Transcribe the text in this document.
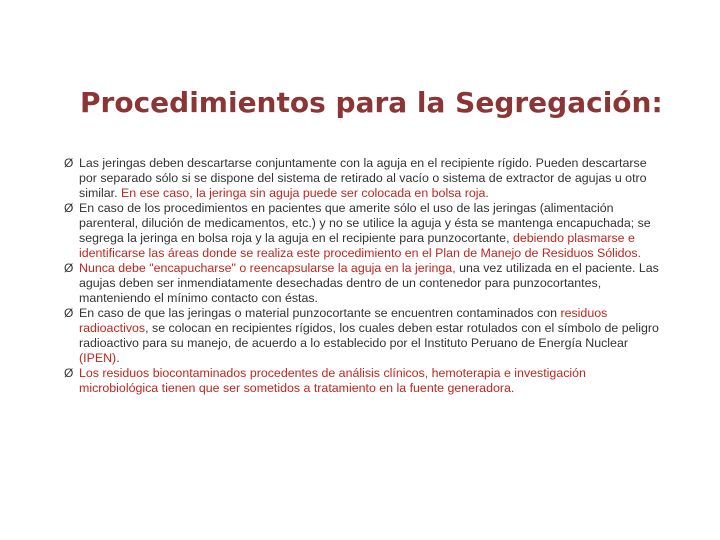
Procedimientos para la Segregación:
Ø Las jeringas deben descartarse conjuntamente con la aguja en el recipiente rígido. Pueden descartarse por separado sólo si se dispone del sistema de retirado al vacío o sistema de extractor de agujas u otro similar. En ese caso, la jeringa sin aguja puede ser colocada en bolsa roja.
Ø En caso de los procedimientos en pacientes que amerite sólo el uso de las jeringas (alimentación parenteral, dilución de medicamentos, etc.) y no se utilice la aguja y ésta se mantenga encapuchada; se segrega la jeringa en bolsa roja y la aguja en el recipiente para punzocortante, debiendo plasmarse e identificarse las áreas donde se realiza este procedimiento en el Plan de Manejo de Residuos Sólidos.
Ø Nunca debe "encapucharse" o reencapsularse la aguja en la jeringa, una vez utilizada en el paciente. Las agujas deben ser inmendiatamente desechadas dentro de un contenedor para punzocortantes, manteniendo el mínimo contacto con éstas.
Ø En caso de que las jeringas o material punzocortante se encuentren contaminados con residuos radioactivos, se colocan en recipientes rígidos, los cuales deben estar rotulados con el símbolo de peligro radioactivo para su manejo, de acuerdo a lo establecido por el Instituto Peruano de Energía Nuclear (IPEN).
Ø Los residuos biocontaminados procedentes de análisis clínicos, hemoterapia e investigación microbiológica tienen que ser sometidos a tratamiento en la fuente generadora.
